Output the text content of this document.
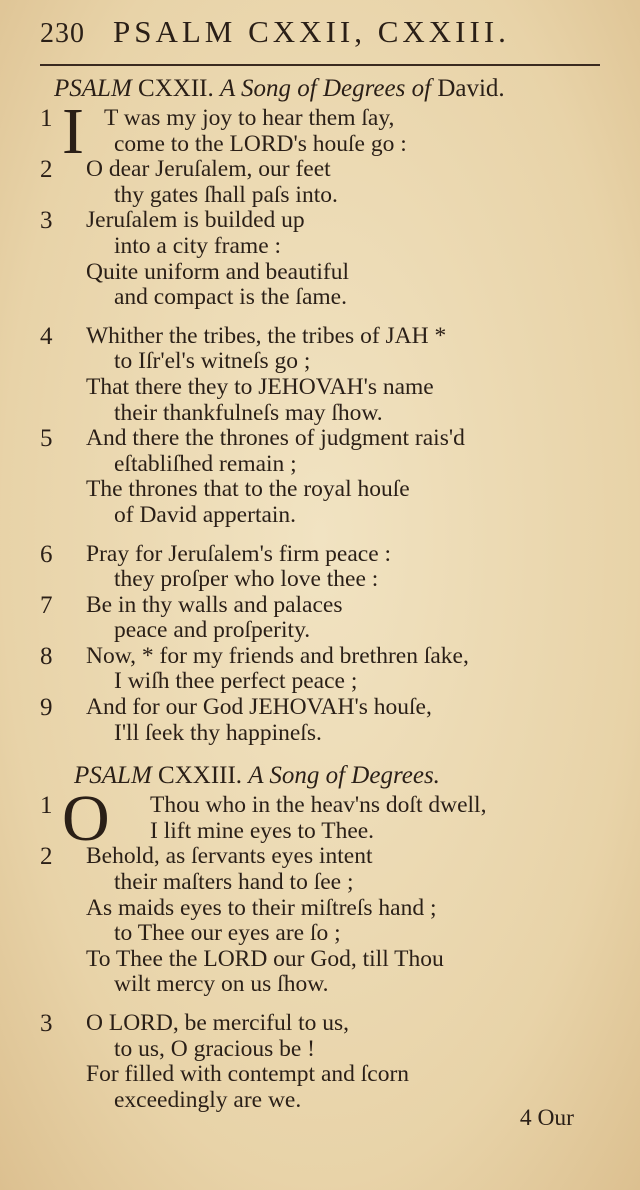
230 PSALM CXXII, CXXIII.
PSALM CXXII. A Song of Degrees of David.
1 I T was my joy to hear them ſay,
come to the LORD's houſe go :
2	O dear Jeruſalem, our feet
thy gates ſhall paſs into.
3	Jeruſalem is builded up
into a city frame :
Quite uniform and beautiful
and compact is the ſame.
4	Whither the tribes, the tribes of JAH *
to Iſr'el's witneſs go ;
That there they to JEHOVAH's name
their thankfulneſs may ſhow.
5	And there the thrones of judgment rais'd
eſtabliſhed remain ;
The thrones that to the royal houſe
of David appertain.
6	Pray for Jeruſalem's firm peace :
they proſper who love thee :
7	Be in thy walls and palaces
peace and proſperity.
8	Now, * for my friends and brethren ſake,
I wiſh thee perfect peace ;
9	And for our God JEHOVAH's houſe,
I'll ſeek thy happineſs.
PSALM CXXIII. A Song of Degrees.
1 O	Thou who in the heav'ns doſt dwell,
I lift mine eyes to Thee.
2	Behold, as ſervants eyes intent
their maſters hand to ſee ;
As maids eyes to their miſtreſs hand ;
to Thee our eyes are ſo ;
To Thee the LORD our God, till Thou
wilt mercy on us ſhow.
3	O LORD, be merciful to us,
to us, O gracious be !
For filled with contempt and ſcorn
exceedingly are we.
4 Our
